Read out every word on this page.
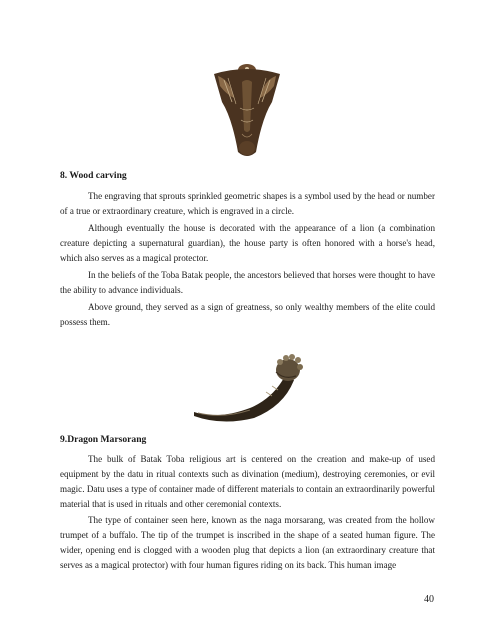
8. Wood carving

The engraving that sprouts sprinkled geometric shapes is a symbol used by the head or number of a true or extraordinary creature, which is engraved in a circle.

Although eventually the house is decorated with the appearance of a lion (a combination creature depicting a supernatural guardian), the house party is often honored with a horse's head, which also serves as a magical protector.

In the beliefs of the Toba Batak people, the ancestors believed that horses were thought to have the ability to advance individuals.

Above ground, they served as a sign of greatness, so only wealthy members of the elite could possess them.

9.Dragon Marsorang

The bulk of Batak Toba religious art is centered on the creation and make-up of used equipment by the datu in ritual contexts such as divination (medium), destroying ceremonies, or evil magic. Datu uses a type of container made of different materials to contain an extraordinarily powerful material that is used in rituals and other ceremonial contexts.

The type of container seen here, known as the naga morsarang, was created from the hollow trumpet of a buffalo. The tip of the trumpet is inscribed in the shape of a seated human figure. The wider, opening end is clogged with a wooden plug that depicts a lion (an extraordinary creature that serves as a magical protector) with four human figures riding on its back. This human image

40
